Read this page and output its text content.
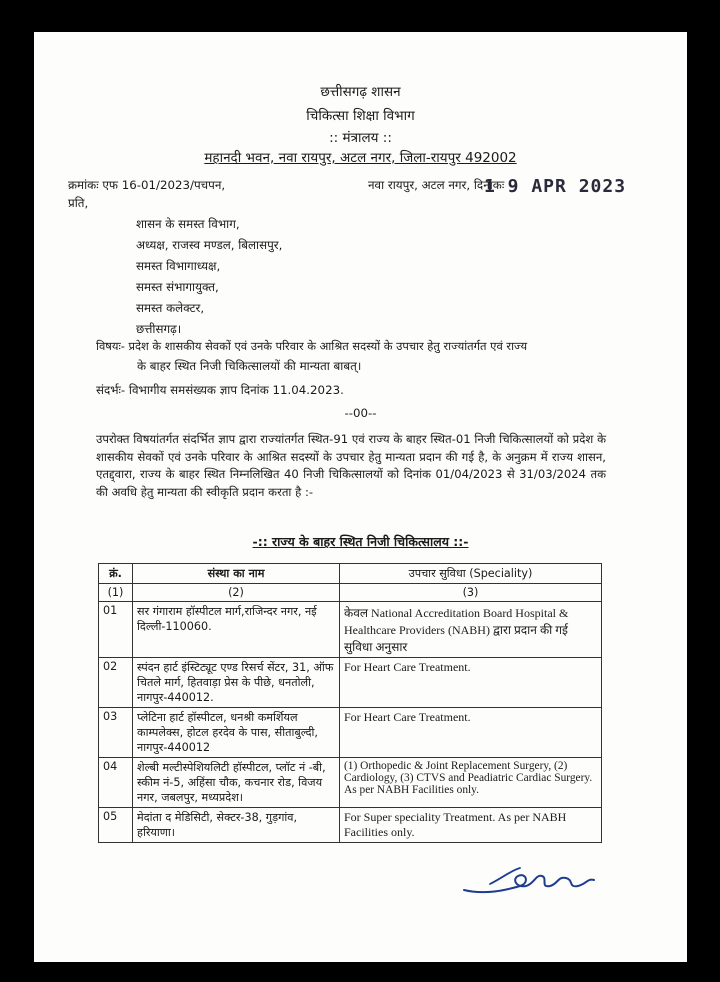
छत्तीसगढ़ शासन
चिकित्सा शिक्षा विभाग
:: मंत्रालय ::
महानदी भवन, नवा रायपुर, अटल नगर, जिला-रायपुर 492002
क्रमांकः एफ 16-01/2023/पचपन,	नवा रायपुर, अटल नगर, दिनांकः
1 9 APR 2023
प्रति,
शासन के समस्त विभाग,
अध्यक्ष, राजस्व मण्डल, बिलासपुर,
समस्त विभागाध्यक्ष,
समस्त संभागायुक्त,
समस्त कलेक्टर,
छत्तीसगढ़।
विषयः- प्रदेश के शासकीय सेवकों एवं उनके परिवार के आश्रित सदस्यों के उपचार हेतु राज्यांतर्गत एवं राज्य
के बाहर स्थित निजी चिकित्सालयों की मान्यता बाबत्।
संदर्भः- विभागीय समसंख्यक ज्ञाप दिनांक 11.04.2023.
--00--
उपरोक्त विषयांतर्गत संदर्भित ज्ञाप द्वारा राज्यांतर्गत स्थित-91 एवं राज्य के बाहर स्थित-01 निजी चिकित्सालयों को प्रदेश के शासकीय सेवकों एवं उनके परिवार के आश्रित सदस्यों के उपचार हेतु मान्यता प्रदान की गई है, के अनुक्रम में राज्य शासन, एतद्द्वारा, राज्य के बाहर स्थित निम्नलिखित 40 निजी चिकित्सालयों को दिनांक 01/04/2023 से 31/03/2024 तक की अवधि हेतु मान्यता की स्वीकृति प्रदान करता है :-
-:: राज्य के बाहर स्थित निजी चिकित्सालय ::-
क्रं.	संस्था का नाम	उपचार सुविधा (Speciality)
(1)	(2)	(3)
01	सर गंगाराम हॉस्पीटल मार्ग,राजिन्दर नगर, नई दिल्ली-110060.	केवल National Accreditation Board Hospital & Healthcare Providers (NABH) द्वारा प्रदान की गई सुविधा अनुसार
02	स्पंदन हार्ट इंस्टिट्यूट एण्ड रिसर्च सेंटर, 31, ऑफ चितले मार्ग, हितवाड़ा प्रेस के पीछे, धनतोली, नागपुर-440012.	For Heart Care Treatment.
03	प्लेटिना हार्ट हॉस्पीटल, धनश्री कमर्शियल काम्पलेक्स, होटल हरदेव के पास, सीताबुल्दी, नागपुर-440012	For Heart Care Treatment.
04	शेल्बी मल्टीस्पेशियलिटी हॉस्पीटल, प्लॉट नं -बी, स्कीम नं-5, अहिंसा चौक, कचनार रोड, विजय नगर, जबलपुर, मध्यप्रदेश।	(1) Orthopedic & Joint Replacement Surgery, (2) Cardiology, (3) CTVS and Peadiatric Cardiac Surgery. As per NABH Facilities only.
05	मेदांता द मेडिसिटी, सेक्टर-38, गुड़गांव, हरियाणा।	For Super speciality Treatment. As per NABH Facilities only.
